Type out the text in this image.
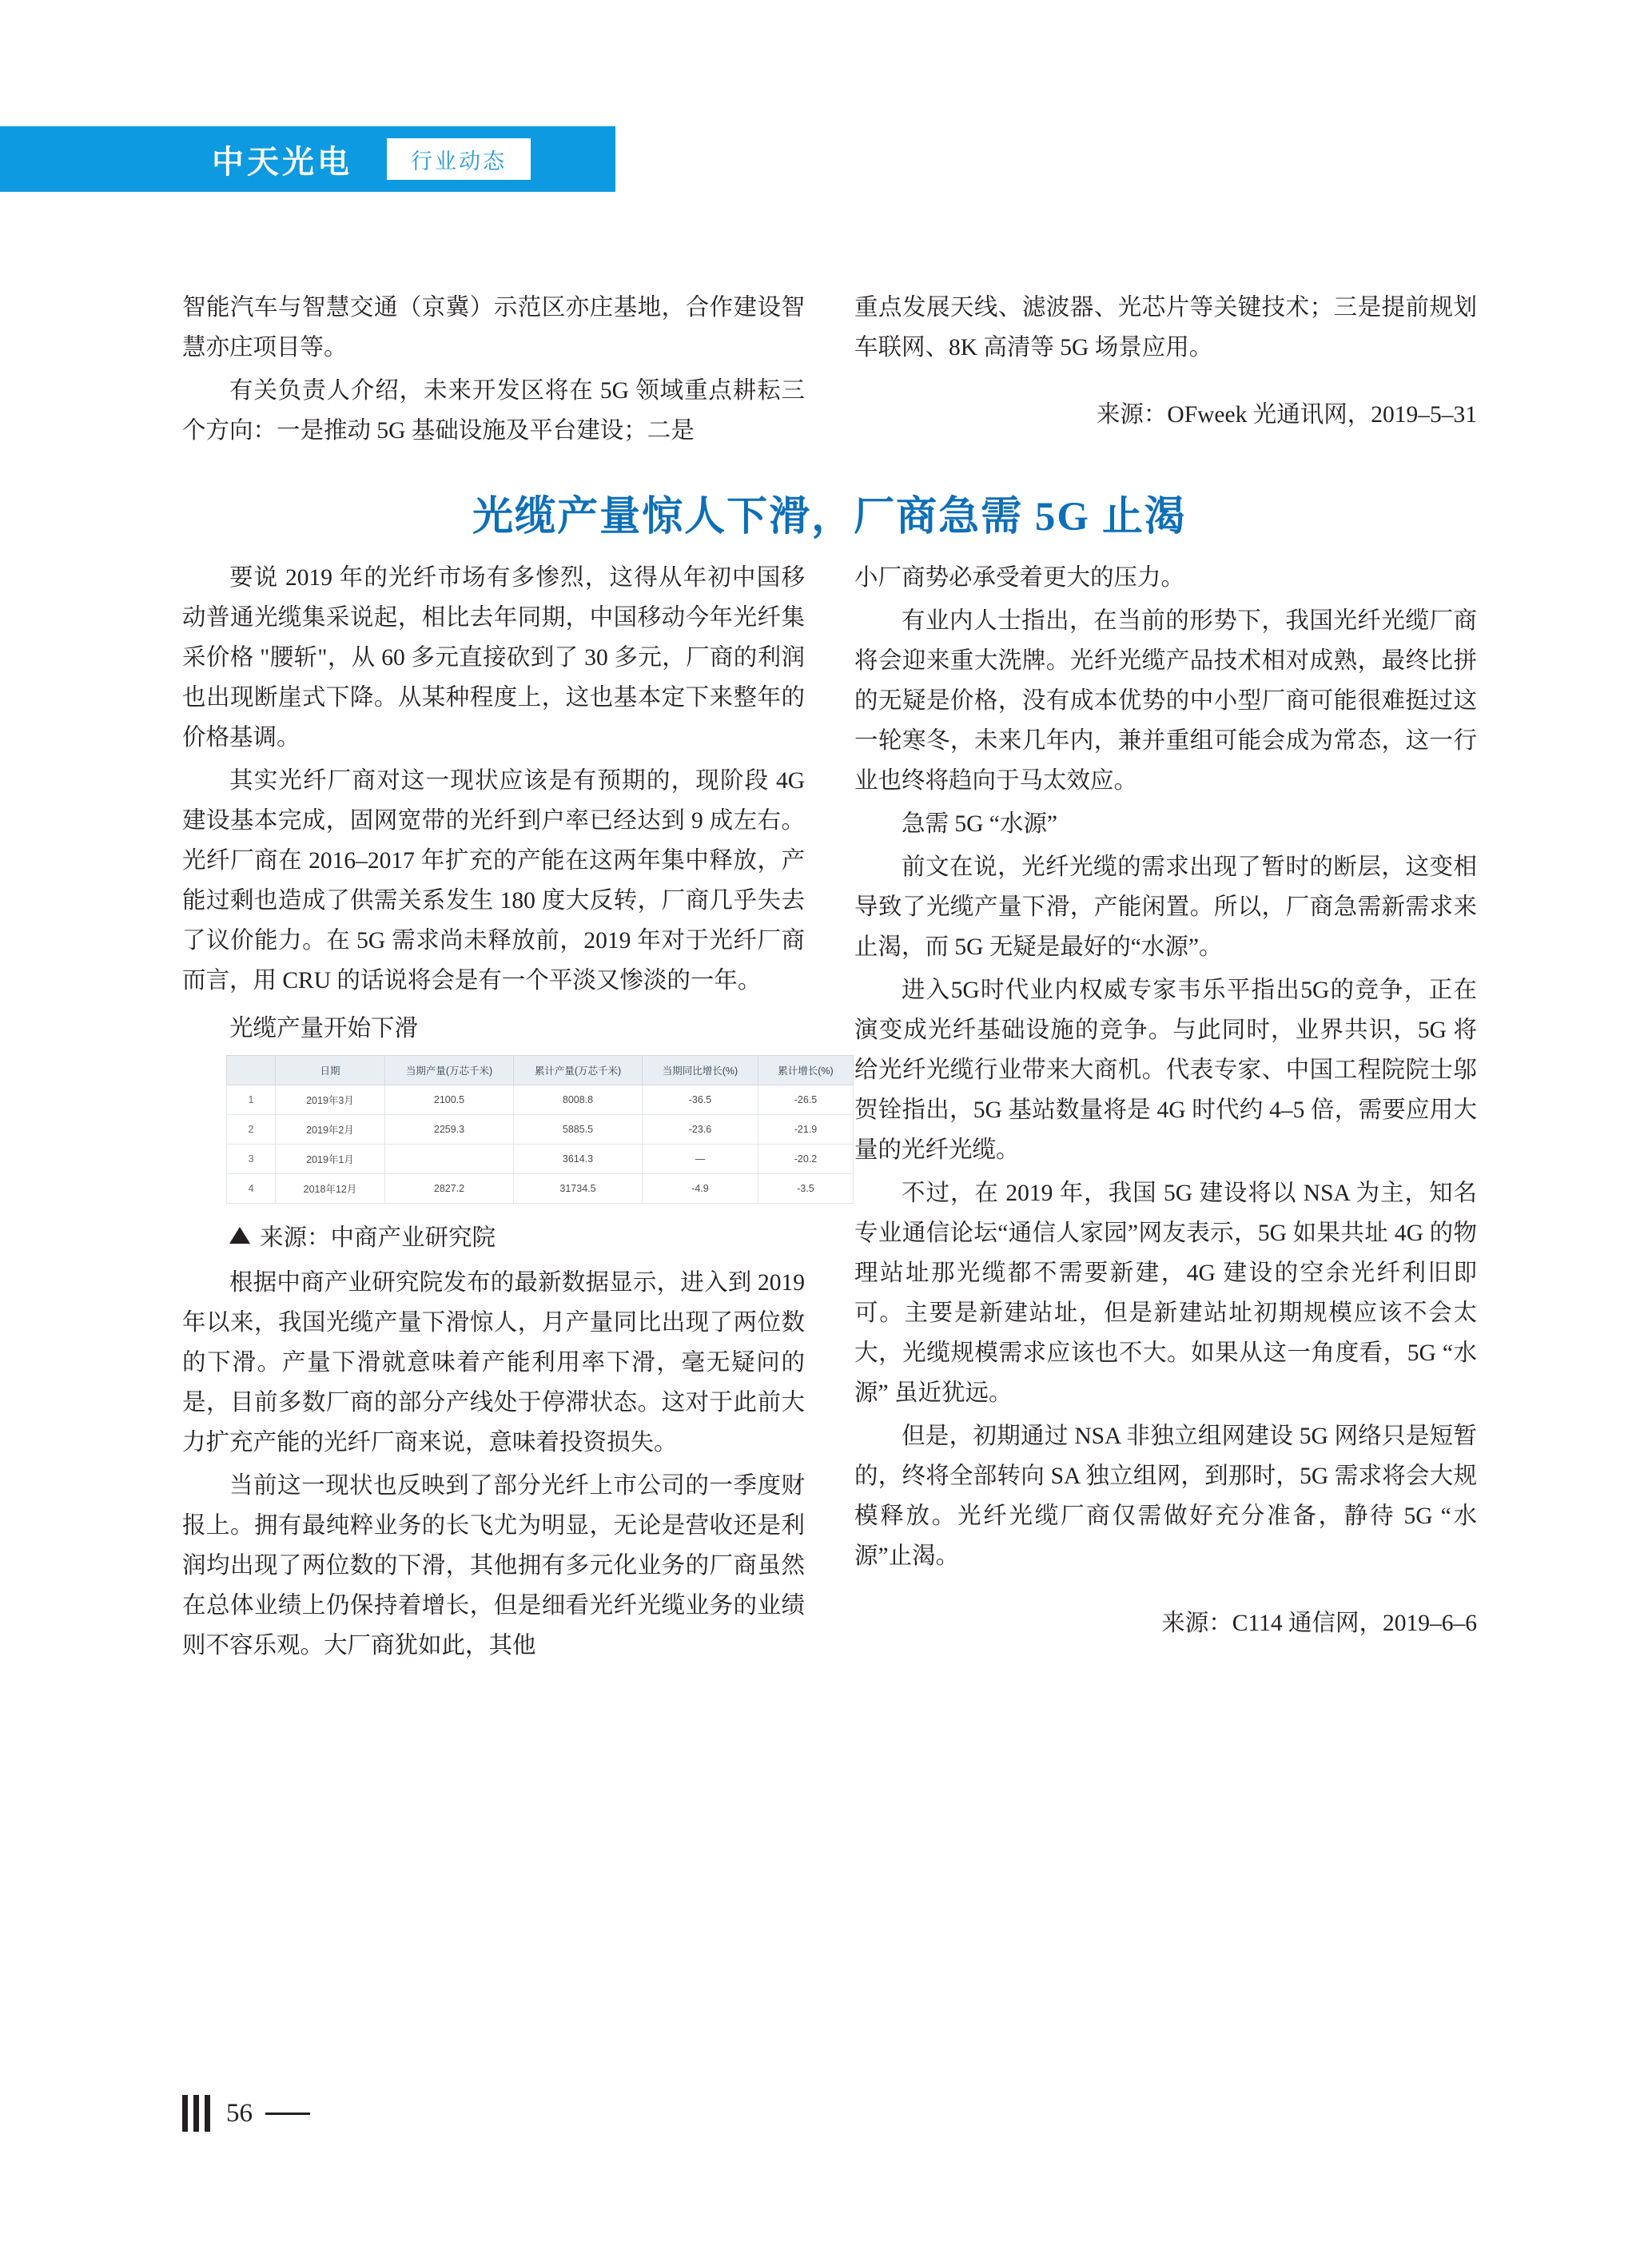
中天光电	行业动态

智能汽车与智慧交通（京冀）示范区亦庄基地，合作建设智慧亦庄项目等。

有关负责人介绍，未来开发区将在 5G 领域重点耕耘三个方向：一是推动 5G 基础设施及平台建设；二是

重点发展天线、滤波器、光芯片等关键技术；三是提前规划车联网、8K 高清等 5G 场景应用。

来源：OFweek 光通讯网，2019–5–31
光缆产量惊人下滑，厂商急需 5G 止渴

要说 2019 年的光纤市场有多惨烈，这得从年初中国移动普通光缆集采说起，相比去年同期，中国移动今年光纤集采价格 "腰斩"，从 60 多元直接砍到了 30 多元，厂商的利润也出现断崖式下降。从某种程度上，这也基本定下来整年的价格基调。

其实光纤厂商对这一现状应该是有预期的，现阶段 4G 建设基本完成，固网宽带的光纤到户率已经达到 9 成左右。光纤厂商在 2016–2017 年扩充的产能在这两年集中释放，产能过剩也造成了供需关系发生 180 度大反转，厂商几乎失去了议价能力。在 5G 需求尚未释放前，2019 年对于光纤厂商而言，用 CRU 的话说将会是有一个平淡又惨淡的一年。

光缆产量开始下滑
	日期	当期产量(万芯千米)	累计产量(万芯千米)	当期同比增长(%)	累计增长(%)
1	2019年3月	2100.5	8008.8	-36.5	-26.5
2	2019年2月	2259.3	5885.5	-23.6	-21.9
3	2019年1月		3614.3	—	-20.2
4	2018年12月	2827.2	31734.5	-4.9	-3.5
来源：中商产业研究院

根据中商产业研究院发布的最新数据显示，进入到 2019 年以来，我国光缆产量下滑惊人，月产量同比出现了两位数的下滑。产量下滑就意味着产能利用率下滑，毫无疑问的是，目前多数厂商的部分产线处于停滞状态。这对于此前大力扩充产能的光纤厂商来说，意味着投资损失。

当前这一现状也反映到了部分光纤上市公司的一季度财报上。拥有最纯粹业务的长飞尤为明显，无论是营收还是利润均出现了两位数的下滑，其他拥有多元化业务的厂商虽然在总体业绩上仍保持着增长，但是细看光纤光缆业务的业绩则不容乐观。大厂商犹如此，其他

小厂商势必承受着更大的压力。

有业内人士指出，在当前的形势下，我国光纤光缆厂商将会迎来重大洗牌。光纤光缆产品技术相对成熟，最终比拼的无疑是价格，没有成本优势的中小型厂商可能很难挺过这一轮寒冬，未来几年内，兼并重组可能会成为常态，这一行业也终将趋向于马太效应。

急需 5G “水源”

前文在说，光纤光缆的需求出现了暂时的断层，这变相导致了光缆产量下滑，产能闲置。所以，厂商急需新需求来止渴，而 5G 无疑是最好的“水源”。

进入5G时代业内权威专家韦乐平指出5G的竞争，正在演变成光纤基础设施的竞争。与此同时，业界共识，5G 将给光纤光缆行业带来大商机。代表专家、中国工程院院士邬贺铨指出，5G 基站数量将是 4G 时代约 4–5 倍，需要应用大量的光纤光缆。

不过，在 2019 年，我国 5G 建设将以 NSA 为主，知名专业通信论坛“通信人家园”网友表示，5G 如果共址 4G 的物理站址那光缆都不需要新建，4G 建设的空余光纤利旧即可。主要是新建站址，但是新建站址初期规模应该不会太大，光缆规模需求应该也不大。如果从这一角度看，5G “水源” 虽近犹远。

但是，初期通过 NSA 非独立组网建设 5G 网络只是短暂的，终将全部转向 SA 独立组网，到那时，5G 需求将会大规模释放。光纤光缆厂商仅需做好充分准备，静待 5G “水源”止渴。

来源：C114 通信网，2019–6–6
56
